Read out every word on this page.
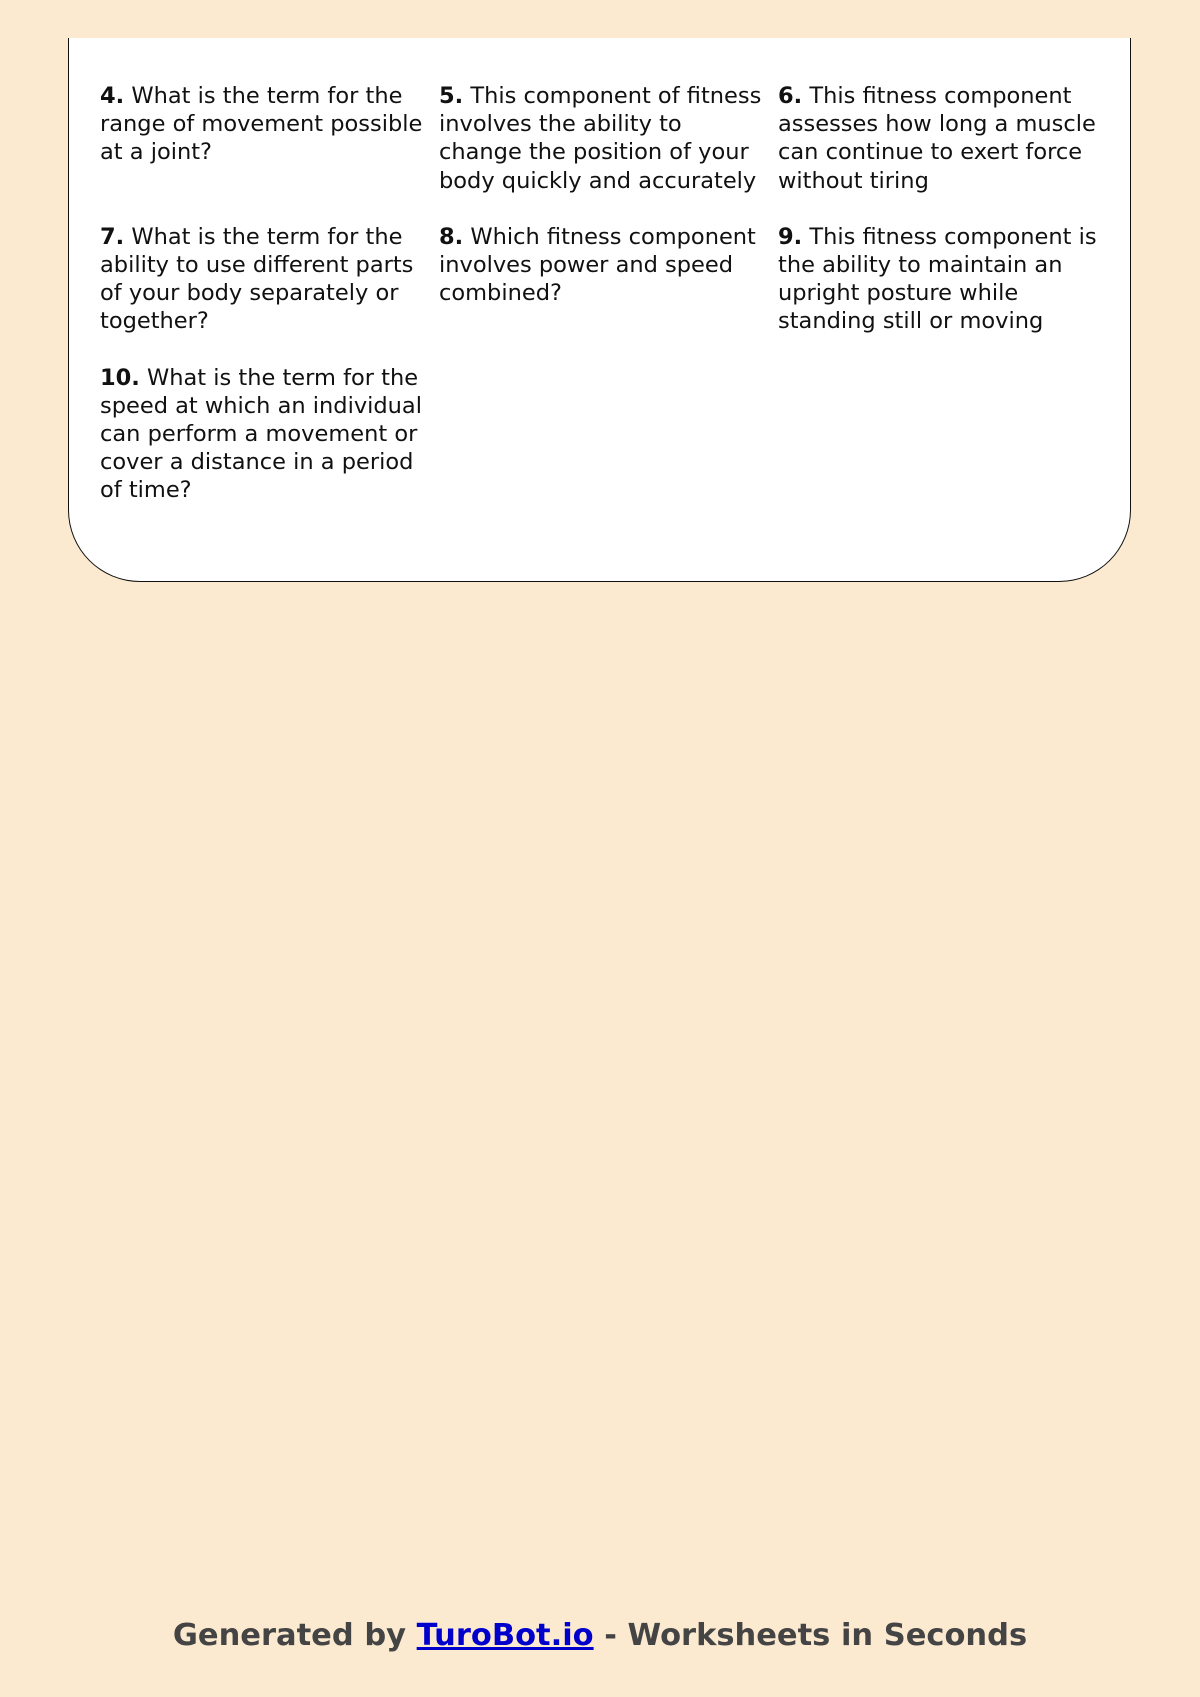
4. What is the term for the range of movement possible at a joint?
5. This component of fitness involves the ability to change the position of your body quickly and accurately
6. This fitness component assesses how long a muscle can continue to exert force without tiring
7. What is the term for the ability to use different parts of your body separately or together?
8. Which fitness component involves power and speed combined?
9. This fitness component is the ability to maintain an upright posture while standing still or moving
10. What is the term for the speed at which an individual can perform a movement or cover a distance in a period of time?
Generated by TuroBot.io - Worksheets in Seconds
